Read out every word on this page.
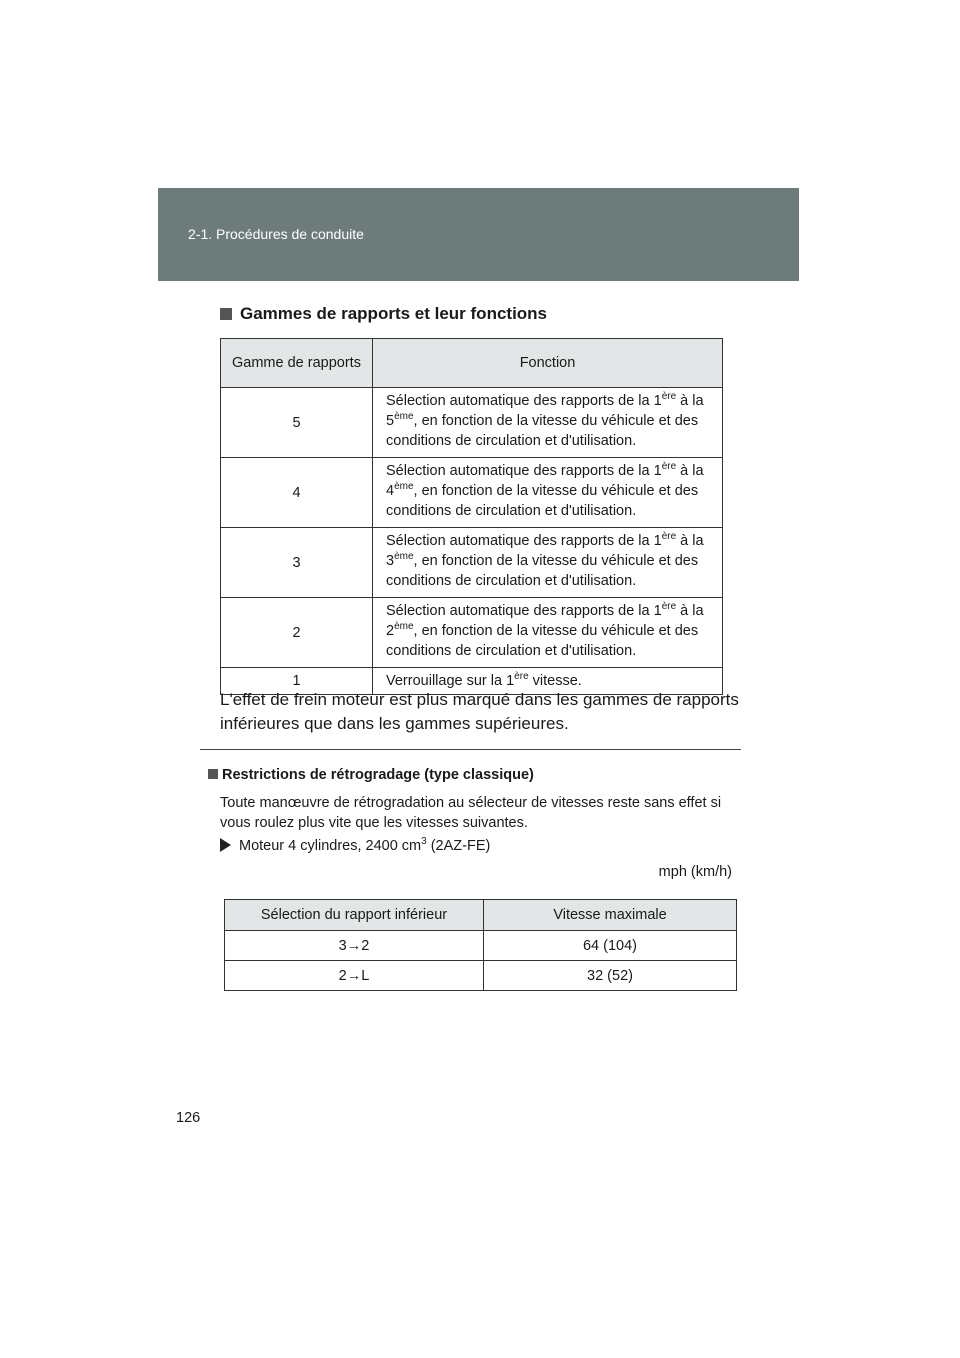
2-1. Procédures de conduite
Gammes de rapports et leur fonctions
Gamme de rapports	Fonction
5	Sélection automatique des rapports de la 1ère à la 5ème, en fonction de la vitesse du véhicule et des conditions de circulation et d'utilisation.
4	Sélection automatique des rapports de la 1ère à la 4ème, en fonction de la vitesse du véhicule et des conditions de circulation et d'utilisation.
3	Sélection automatique des rapports de la 1ère à la 3ème, en fonction de la vitesse du véhicule et des conditions de circulation et d'utilisation.
2	Sélection automatique des rapports de la 1ère à la 2ème, en fonction de la vitesse du véhicule et des conditions de circulation et d'utilisation.
1	Verrouillage sur la 1ère vitesse.
L'effet de frein moteur est plus marqué dans les gammes de rapports inférieures que dans les gammes supérieures.
Restrictions de rétrogradage (type classique)
Toute manœuvre de rétrogradation au sélecteur de vitesses reste sans effet si vous roulez plus vite que les vitesses suivantes.
Moteur 4 cylindres, 2400 $cm^3$ (2AZ-FE)
mph (km/h)
Sélection du rapport inférieur	Vitesse maximale
3→2	64 (104)
2→L	32 (52)
126
